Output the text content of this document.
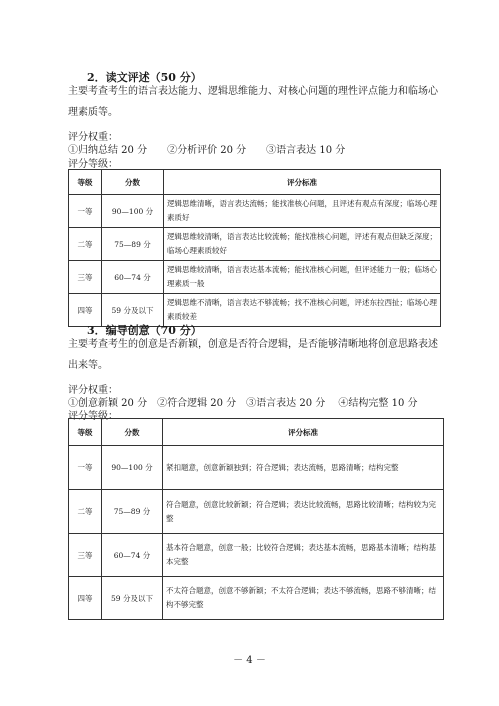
2．读文评述（50 分）
主要考查考生的语言表达能力、逻辑思维能力、对核心问题的理性评点能力和临场心理素质等。
评分权重：
①归纳总结 20 分　　②分析评价 20 分　　③语言表达 10 分
评分等级：
等级	分数	评分标准
一等	90—100 分	逻辑思维清晰，语言表达流畅；能找准核心问题，且评述有观点有深度；临场心理素质好
二等	75—89 分	逻辑思维较清晰，语言表达比较流畅；能找准核心问题，评述有观点但缺乏深度；临场心理素质较好
三等	60—74 分	逻辑思维较清晰，语言表达基本流畅；能找准核心问题，但评述能力一般；临场心理素质一般
四等	59 分及以下	逻辑思维不清晰，语言表达不够流畅；找不准核心问题，评述东拉西扯；临场心理素质较差
3．编导创意（70 分）
主要考查考生的创意是否新颖，创意是否符合逻辑，是否能够清晰地将创意思路表述出来等。
评分权重：
①创意新颖 20 分　②符合逻辑 20 分　③语言表达 20 分　 ④结构完整 10 分
评分等级：
等级	分数	评分标准
一等	90—100 分	紧扣题意，创意新颖独到；符合逻辑；表达流畅，思路清晰；结构完整
二等	75—89 分	符合题意，创意比较新颖；符合逻辑；表达比较流畅，思路比较清晰；结构较为完整
三等	60—74 分	基本符合题意，创意一般；比较符合逻辑；表达基本流畅，思路基本清晰；结构基本完整
四等	59 分及以下	不太符合题意，创意不够新颖；不太符合逻辑；表达不够流畅，思路不够清晰；结构不够完整
－ 4 －
